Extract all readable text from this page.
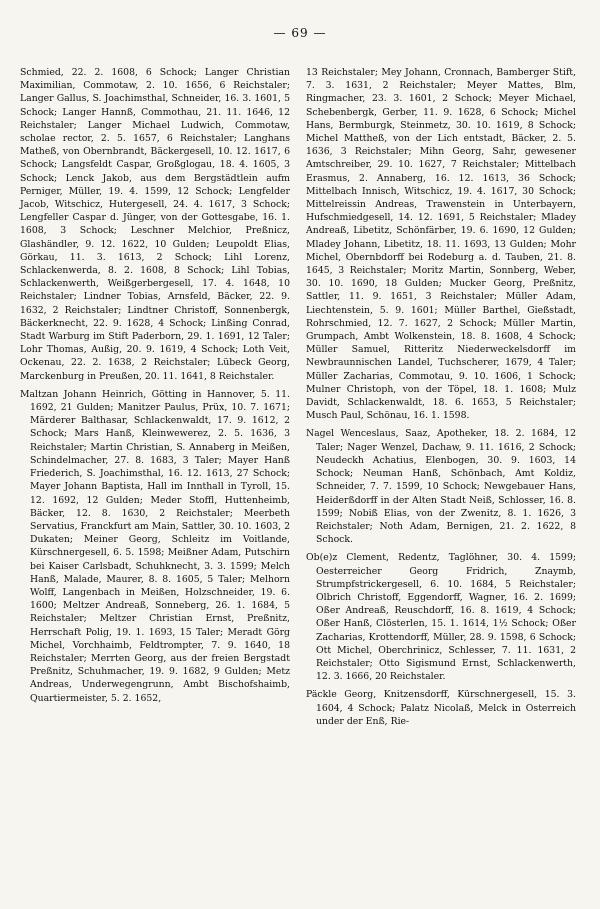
— 69 —

Schmied, 22. 2. 1608, 6 Schock; Langer Christian Maximilian, Commotaw, 2. 10. 1656, 6 Reichstaler; Langer Gallus, S. Joachimsthal, Schneider, 16. 3. 1601, 5 Schock; Langer Hannß, Commothau, 21. 11. 1646, 12 Reichstaler; Langer Michael Ludwich, Commotaw, scholae rector, 2. 5. 1657, 6 Reichstaler; Langhans Matheß, von Obernbrandt, Bäckergesell, 10. 12. 1617, 6 Schock; Langsfeldt Caspar, Großglogau, 18. 4. 1605, 3 Schock; Lenck Jakob, aus dem Bergstädtlein aufm Perniger, Müller, 19. 4. 1599, 12 Schock; Lengfelder Jacob, Witschicz, Hutergesell, 24. 4. 1617, 3 Schock; Lengfeller Caspar d. Jünger, von der Gottesgabe, 16. 1. 1608, 3 Schock; Leschner Melchior, Preßnicz, Glashändler, 9. 12. 1622, 10 Gulden; Leupoldt Elias, Görkau, 11. 3. 1613, 2 Schock; Lihl Lorenz, Schlackenwerda, 8. 2. 1608, 8 Schock; Lihl Tobias, Schlackenwerth, Weißgerbergesell, 17. 4. 1648, 10 Reichstaler; Lindner Tobias, Arnsfeld, Bäcker, 22. 9. 1632, 2 Reichstaler; Lindtner Christoff, Sonnenbergk, Bäckerknecht, 22. 9. 1628, 4 Schock; Linßing Conrad, Stadt Warburg im Stift Paderborn, 29. 1. 1691, 12 Taler; Lohr Thomas, Außig, 20. 9. 1619, 4 Schock; Loth Veit, Ockenau, 22. 2. 1638, 2 Reichstaler; Lübeck Georg, Marckenburg in Preußen, 20. 11. 1641, 8 Reichstaler.

Maltzan Johann Heinrich, Götting in Hannover, 5. 11. 1692, 21 Gulden; Manitzer Paulus, Prüx, 10. 7. 1671; Märderer Balthasar, Schlackenwaldt, 17. 9. 1612, 2 Schock; Mars Hanß, Kleinwewerez, 2. 5. 1636, 3 Reichstaler; Martin Christian, S. Annaberg in Meißen, Schindelmacher, 27. 8. 1683, 3 Taler; Mayer Hanß Friederich, S. Joachimsthal, 16. 12. 1613, 27 Schock; Mayer Johann Baptista, Hall im Innthall in Tyroll, 15. 12. 1692, 12 Gulden; Meder Stoffl, Huttenheimb, Bäcker, 12. 8. 1630, 2 Reichstaler; Meerbeth Servatius, Franckfurt am Main, Sattler, 30. 10. 1603, 2 Dukaten; Meiner Georg, Schleitz im Voitlande, Kürschnergesell, 6. 5. 1598; Meißner Adam, Putschirn bei Kaiser Carlsbadt, Schuhknecht, 3. 3. 1599; Melch Hanß, Malade, Maurer, 8. 8. 1605, 5 Taler; Melhorn Wolff, Langenbach in Meißen, Holzschneider, 19. 6. 1600; Meltzer Andreaß, Sonneberg, 26. 1. 1684, 5 Reichstaler; Meltzer Christian Ernst, Preßnitz, Herrschaft Polig, 19. 1. 1693, 15 Taler; Meradt Görg Michel, Vorchhaimb, Feldtrompter, 7. 9. 1640, 18 Reichstaler; Merrten Georg, aus der freien Bergstadt Preßnitz, Schuhmacher, 19. 9. 1682, 9 Gulden; Metz Andreas, Underwegengrunn, Ambt Bischofshaimb, Quartiermeister, 5. 2. 1652,

13 Reichstaler; Mey Johann, Cronnach, Bamberger Stift, 7. 3. 1631, 2 Reichstaler; Meyer Mattes, Blm, Ringmacher, 23. 3. 1601, 2 Schock; Meyer Michael, Schebenbergk, Gerber, 11. 9. 1628, 6 Schock; Michel Hans, Bermburgk, Steinmetz, 30. 10. 1619, 8 Schock; Michel Mattheß, von der Lich entstadt, Bäcker, 2. 5. 1636, 3 Reichstaler; Mihn Georg, Sahr, gewesener Amtschreiber, 29. 10. 1627, 7 Reichstaler; Mittelbach Erasmus, 2. Annaberg, 16. 12. 1613, 36 Schock; Mittelbach Innisch, Witschicz, 19. 4. 1617, 30 Schock; Mittelreissin Andreas, Trawenstein in Unterbayern, Hufschmiedgesell, 14. 12. 1691, 5 Reichstaler; Mladey Andreaß, Libetitz, Schönfärber, 19. 6. 1690, 12 Gulden; Mladey Johann, Libetitz, 18. 11. 1693, 13 Gulden; Mohr Michel, Obernbdorff bei Rodeburg a. d. Tauben, 21. 8. 1645, 3 Reichstaler; Moritz Martin, Sonnberg, Weber, 30. 10. 1690, 18 Gulden; Mucker Georg, Preßnitz, Sattler, 11. 9. 1651, 3 Reichstaler; Müller Adam, Liechtenstein, 5. 9. 1601; Müller Barthel, Gießstadt, Rohrschmied, 12. 7. 1627, 2 Schock; Müller Martin, Grumpach, Ambt Wolkenstein, 18. 8. 1608, 4 Schock; Müller Samuel, Ritteritz Niederweckelsdorff im Newbraunnischen Landel, Tuchscherer, 1679, 4 Taler; Müller Zacharias, Commotau, 9. 10. 1606, 1 Schock; Mulner Christoph, von der Töpel, 18. 1. 1608; Mulz Davidt, Schlackenwaldt, 18. 6. 1653, 5 Reichstaler; Musch Paul, Schönau, 16. 1. 1598.

Nagel Wenceslaus, Saaz, Apotheker, 18. 2. 1684, 12 Taler; Nager Wenzel, Dachaw, 9. 11. 1616, 2 Schock; Neudeckh Achatius, Elenbogen, 30. 9. 1603, 14 Schock; Neuman Hanß, Schönbach, Amt Koldiz, Schneider, 7. 7. 1599, 10 Schock; Newgebauer Hans, Heiderßdorff in der Alten Stadt Neiß, Schlosser, 16. 8. 1599; Nobiß Elias, von der Zwenitz, 8. 1. 1626, 3 Reichstaler; Noth Adam, Bernigen, 21. 2. 1622, 8 Schock.

Ob(e)z Clement, Redentz, Taglöhner, 30. 4. 1599; Oesterreicher Georg Fridrich, Znaymb, Strumpfstrickergesell, 6. 10. 1684, 5 Reichstaler; Olbrich Christoff, Eggendorff, Wagner, 16. 2. 1699; Oßer Andreaß, Reuschdorff, 16. 8. 1619, 4 Schock; Oßer Hanß, Clösterlen, 15. 1. 1614, 1½ Schock; Oßer Zacharias, Krottendorff, Müller, 28. 9. 1598, 6 Schock; Ott Michel, Oberchrinicz, Schlesser, 7. 11. 1631, 2 Reichstaler; Otto Sigismund Ernst, Schlackenwerth, 12. 3. 1666, 20 Reichstaler.

Päckle Georg, Knitzensdorff, Kürschnergesell, 15. 3. 1604, 4 Schock; Palatz Nicolaß, Melck in Osterreich under der Enß, Rie-
